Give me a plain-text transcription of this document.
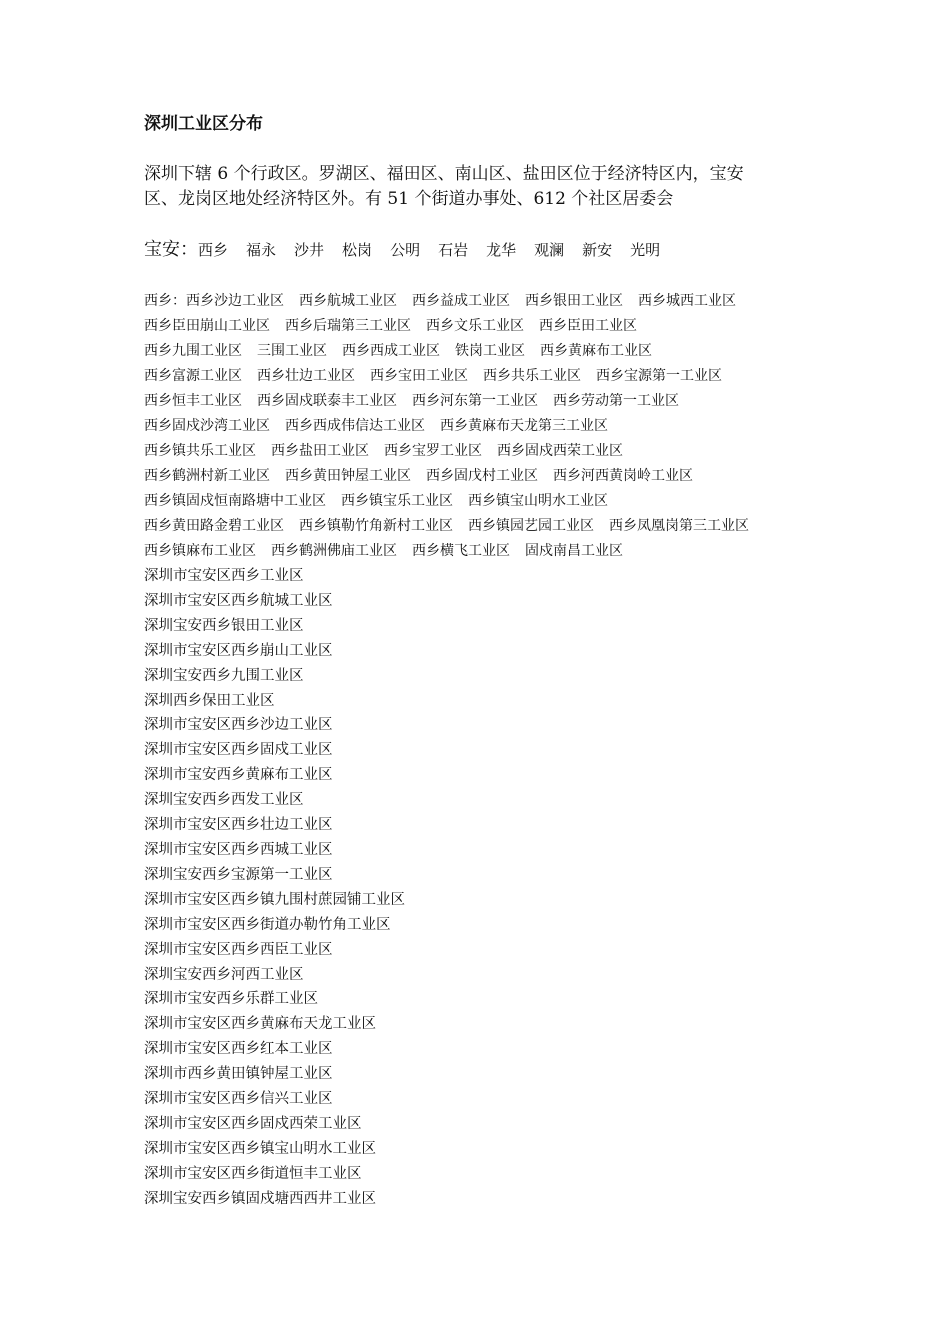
深圳工业区分布

深圳下辖 6 个行政区。罗湖区、福田区、南山区、盐田区位于经济特区内，宝安

区、龙岗区地处经济特区外。有 51 个街道办事处、612 个社区居委会

宝安：西乡 福永 沙井 松岗 公明 石岩 龙华 观澜 新安 光明
西乡：西乡沙边工业区 西乡航城工业区 西乡益成工业区 西乡银田工业区 西乡城西工业区
西乡臣田崩山工业区 西乡后瑞第三工业区 西乡文乐工业区 西乡臣田工业区
西乡九围工业区 三围工业区 西乡西成工业区 铁岗工业区 西乡黄麻布工业区
西乡富源工业区 西乡壮边工业区 西乡宝田工业区 西乡共乐工业区 西乡宝源第一工业区
西乡恒丰工业区 西乡固戍联泰丰工业区 西乡河东第一工业区 西乡劳动第一工业区
西乡固戍沙湾工业区 西乡西成伟信达工业区 西乡黄麻布天龙第三工业区
西乡镇共乐工业区 西乡盐田工业区 西乡宝罗工业区 西乡固戍西荣工业区
西乡鹤洲村新工业区 西乡黄田钟屋工业区 西乡固戊村工业区 西乡河西黄岗岭工业区
西乡镇固戍恒南路塘中工业区 西乡镇宝乐工业区 西乡镇宝山明水工业区
西乡黄田路金碧工业区 西乡镇勒竹角新村工业区 西乡镇园艺园工业区 西乡凤凰岗第三工业区
西乡镇麻布工业区 西乡鹤洲佛庙工业区 西乡横飞工业区 固戍南昌工业区
深圳市宝安区西乡工业区
深圳市宝安区西乡航城工业区
深圳宝安西乡银田工业区
深圳市宝安区西乡崩山工业区
深圳宝安西乡九围工业区
深圳西乡保田工业区
深圳市宝安区西乡沙边工业区
深圳市宝安区西乡固戍工业区
深圳市宝安西乡黄麻布工业区
深圳宝安西乡西发工业区
深圳市宝安区西乡壮边工业区
深圳市宝安区西乡西城工业区
深圳宝安西乡宝源第一工业区
深圳市宝安区西乡镇九围村蔗园铺工业区
深圳市宝安区西乡街道办勒竹角工业区
深圳市宝安区西乡西臣工业区
深圳宝安西乡河西工业区
深圳市宝安西乡乐群工业区
深圳市宝安区西乡黄麻布天龙工业区
深圳市宝安区西乡红本工业区
深圳市西乡黄田镇钟屋工业区
深圳市宝安区西乡信兴工业区
深圳市宝安区西乡固戍西荣工业区
深圳市宝安区西乡镇宝山明水工业区
深圳市宝安区西乡街道恒丰工业区
深圳宝安西乡镇固戍塘西西井工业区
